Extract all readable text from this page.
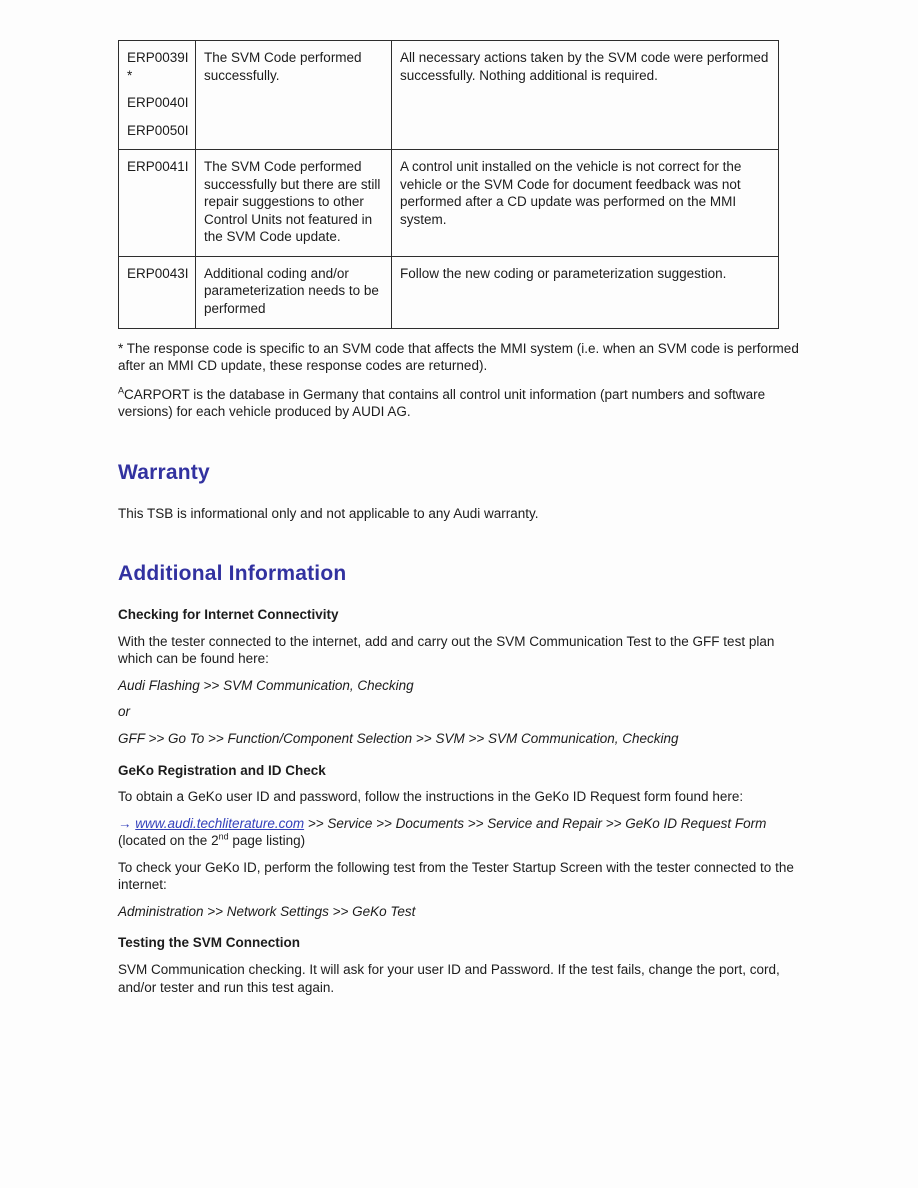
ERP0039I
*
ERP0040I
ERP0050I	The SVM Code performed successfully.	All necessary actions taken by the SVM code were performed successfully. Nothing additional is required.

ERP0041I	The SVM Code performed successfully but there are still repair suggestions to other Control Units not featured in the SVM Code update.	A control unit installed on the vehicle is not correct for the vehicle or the SVM Code for document feedback was not performed after a CD update was performed on the MMI system.

ERP0043I	Additional coding and/or parameterization needs to be performed	Follow the new coding or parameterization suggestion.

* The response code is specific to an SVM code that affects the MMI system (i.e. when an SVM code is performed after an MMI CD update, these response codes are returned).

$^A$CARPORT is the database in Germany that contains all control unit information (part numbers and software versions) for each vehicle produced by AUDI AG.

Warranty

This TSB is informational only and not applicable to any Audi warranty.

Additional Information

Checking for Internet Connectivity

With the tester connected to the internet, add and carry out the SVM Communication Test to the GFF test plan which can be found here:

Audi Flashing >> SVM Communication, Checking

or

GFF >> Go To >> Function/Component Selection >> SVM >> SVM Communication, Checking

GeKo Registration and ID Check

To obtain a GeKo user ID and password, follow the instructions in the GeKo ID Request form found here:

→ www.audi.techliterature.com >> Service >> Documents >> Service and Repair >> GeKo ID Request Form (located on the 2nd page listing)

To check your GeKo ID, perform the following test from the Tester Startup Screen with the tester connected to the internet:

Administration >> Network Settings >> GeKo Test

Testing the SVM Connection

SVM Communication checking. It will ask for your user ID and Password. If the test fails, change the port, cord, and/or tester and run this test again.
